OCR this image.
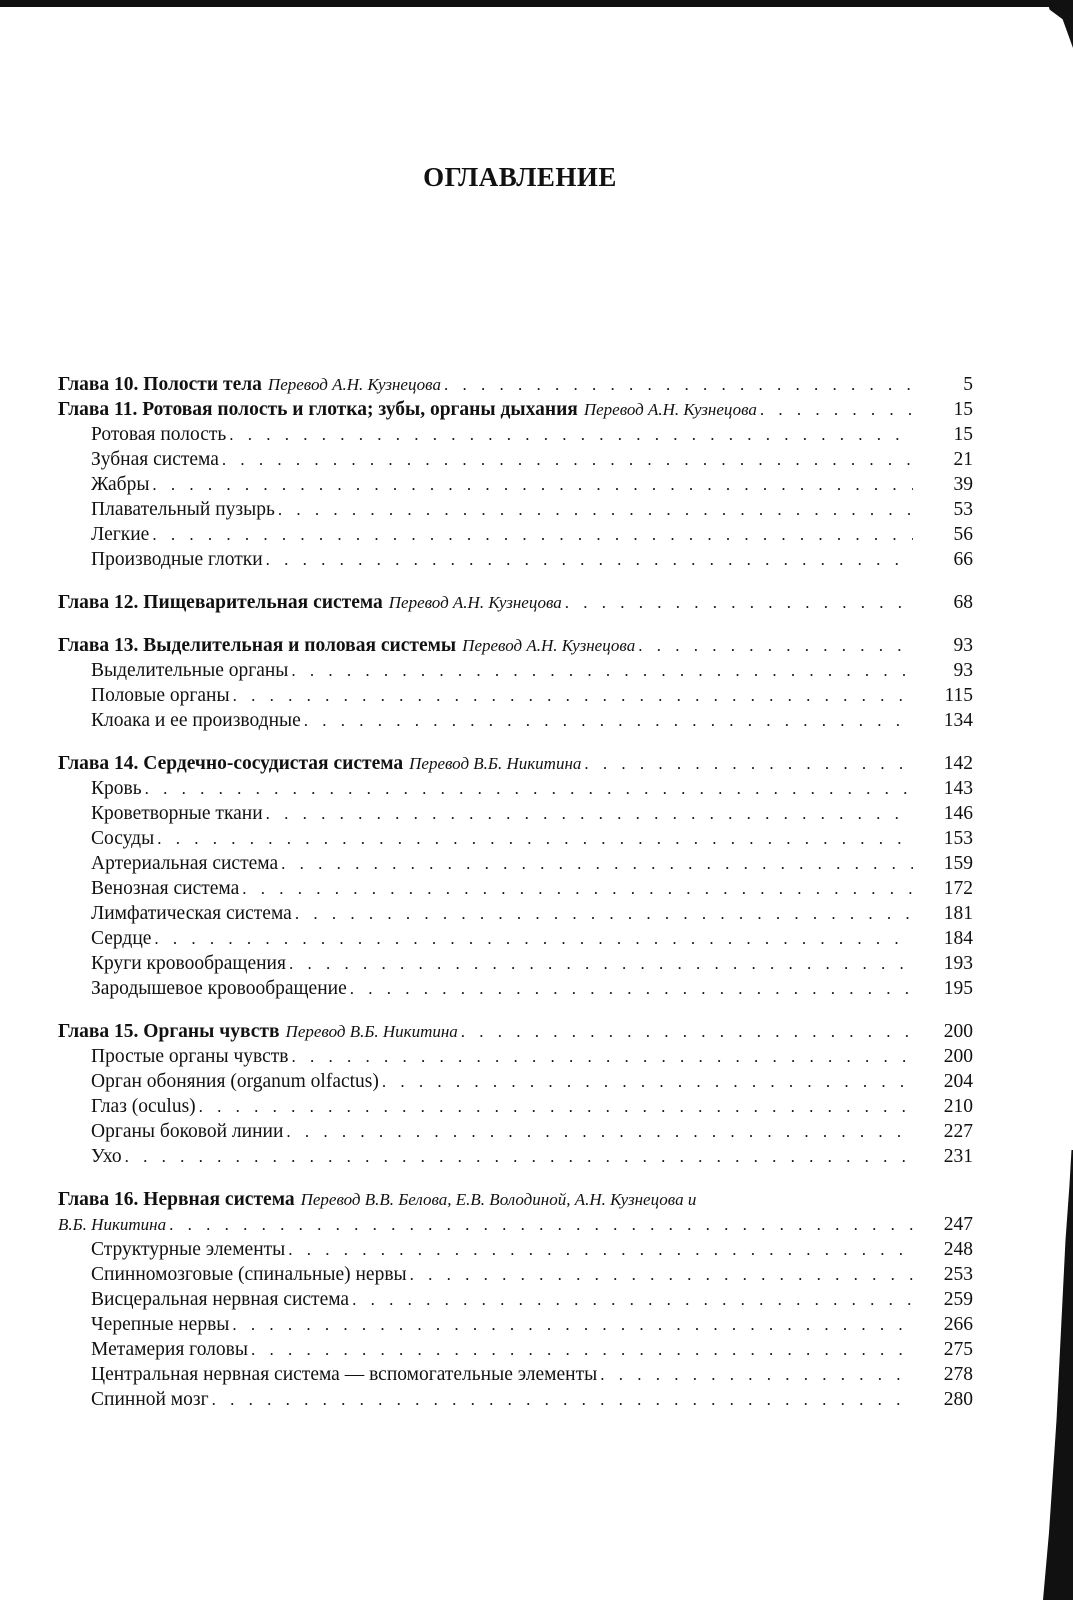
ОГЛАВЛЕНИЕ
Глава 10. Полости тела Перевод А.Н. Кузнецова . . .	5
Глава 11. Ротовая полость и глотка; зубы, органы дыхания Перевод А.Н. Кузнецова . . .	15
Ротовая полость . . .	15
Зубная система . . .	21
Жабры . . .	39
Плавательный пузырь . . .	53
Легкие . . .	56
Производные глотки . . .	66
Глава 12. Пищеварительная система Перевод А.Н. Кузнецова . . .	68
Глава 13. Выделительная и половая системы Перевод А.Н. Кузнецова . . .	93
Выделительные органы . . .	93
Половые органы . . .	115
Клоака и ее производные . . .	134
Глава 14. Сердечно-сосудистая система Перевод В.Б. Никитина . . .	142
Кровь . . .	143
Кроветворные ткани . . .	146
Сосуды . . .	153
Артериальная система . . .	159
Венозная система . . .	172
Лимфатическая система . . .	181
Сердце . . .	184
Круги кровообращения . . .	193
Зародышевое кровообращение . . .	195
Глава 15. Органы чувств Перевод В.Б. Никитина . . .	200
Простые органы чувств . . .	200
Орган обоняния (organum olfactus) . . .	204
Глаз (oculus) . . .	210
Органы боковой линии . . .	227
Ухо . . .	231
Глава 16. Нервная система Перевод В.В. Белова, Е.В. Володиной, А.Н. Кузнецова и
В.Б. Никитина . . .	247
Структурные элементы . . .	248
Спинномозговые (спинальные) нервы . . .	253
Висцеральная нервная система . . .	259
Черепные нервы . . .	266
Метамерия головы . . .	275
Центральная нервная система — вспомогательные элементы . . .	278
Спинной мозг . . .	280
